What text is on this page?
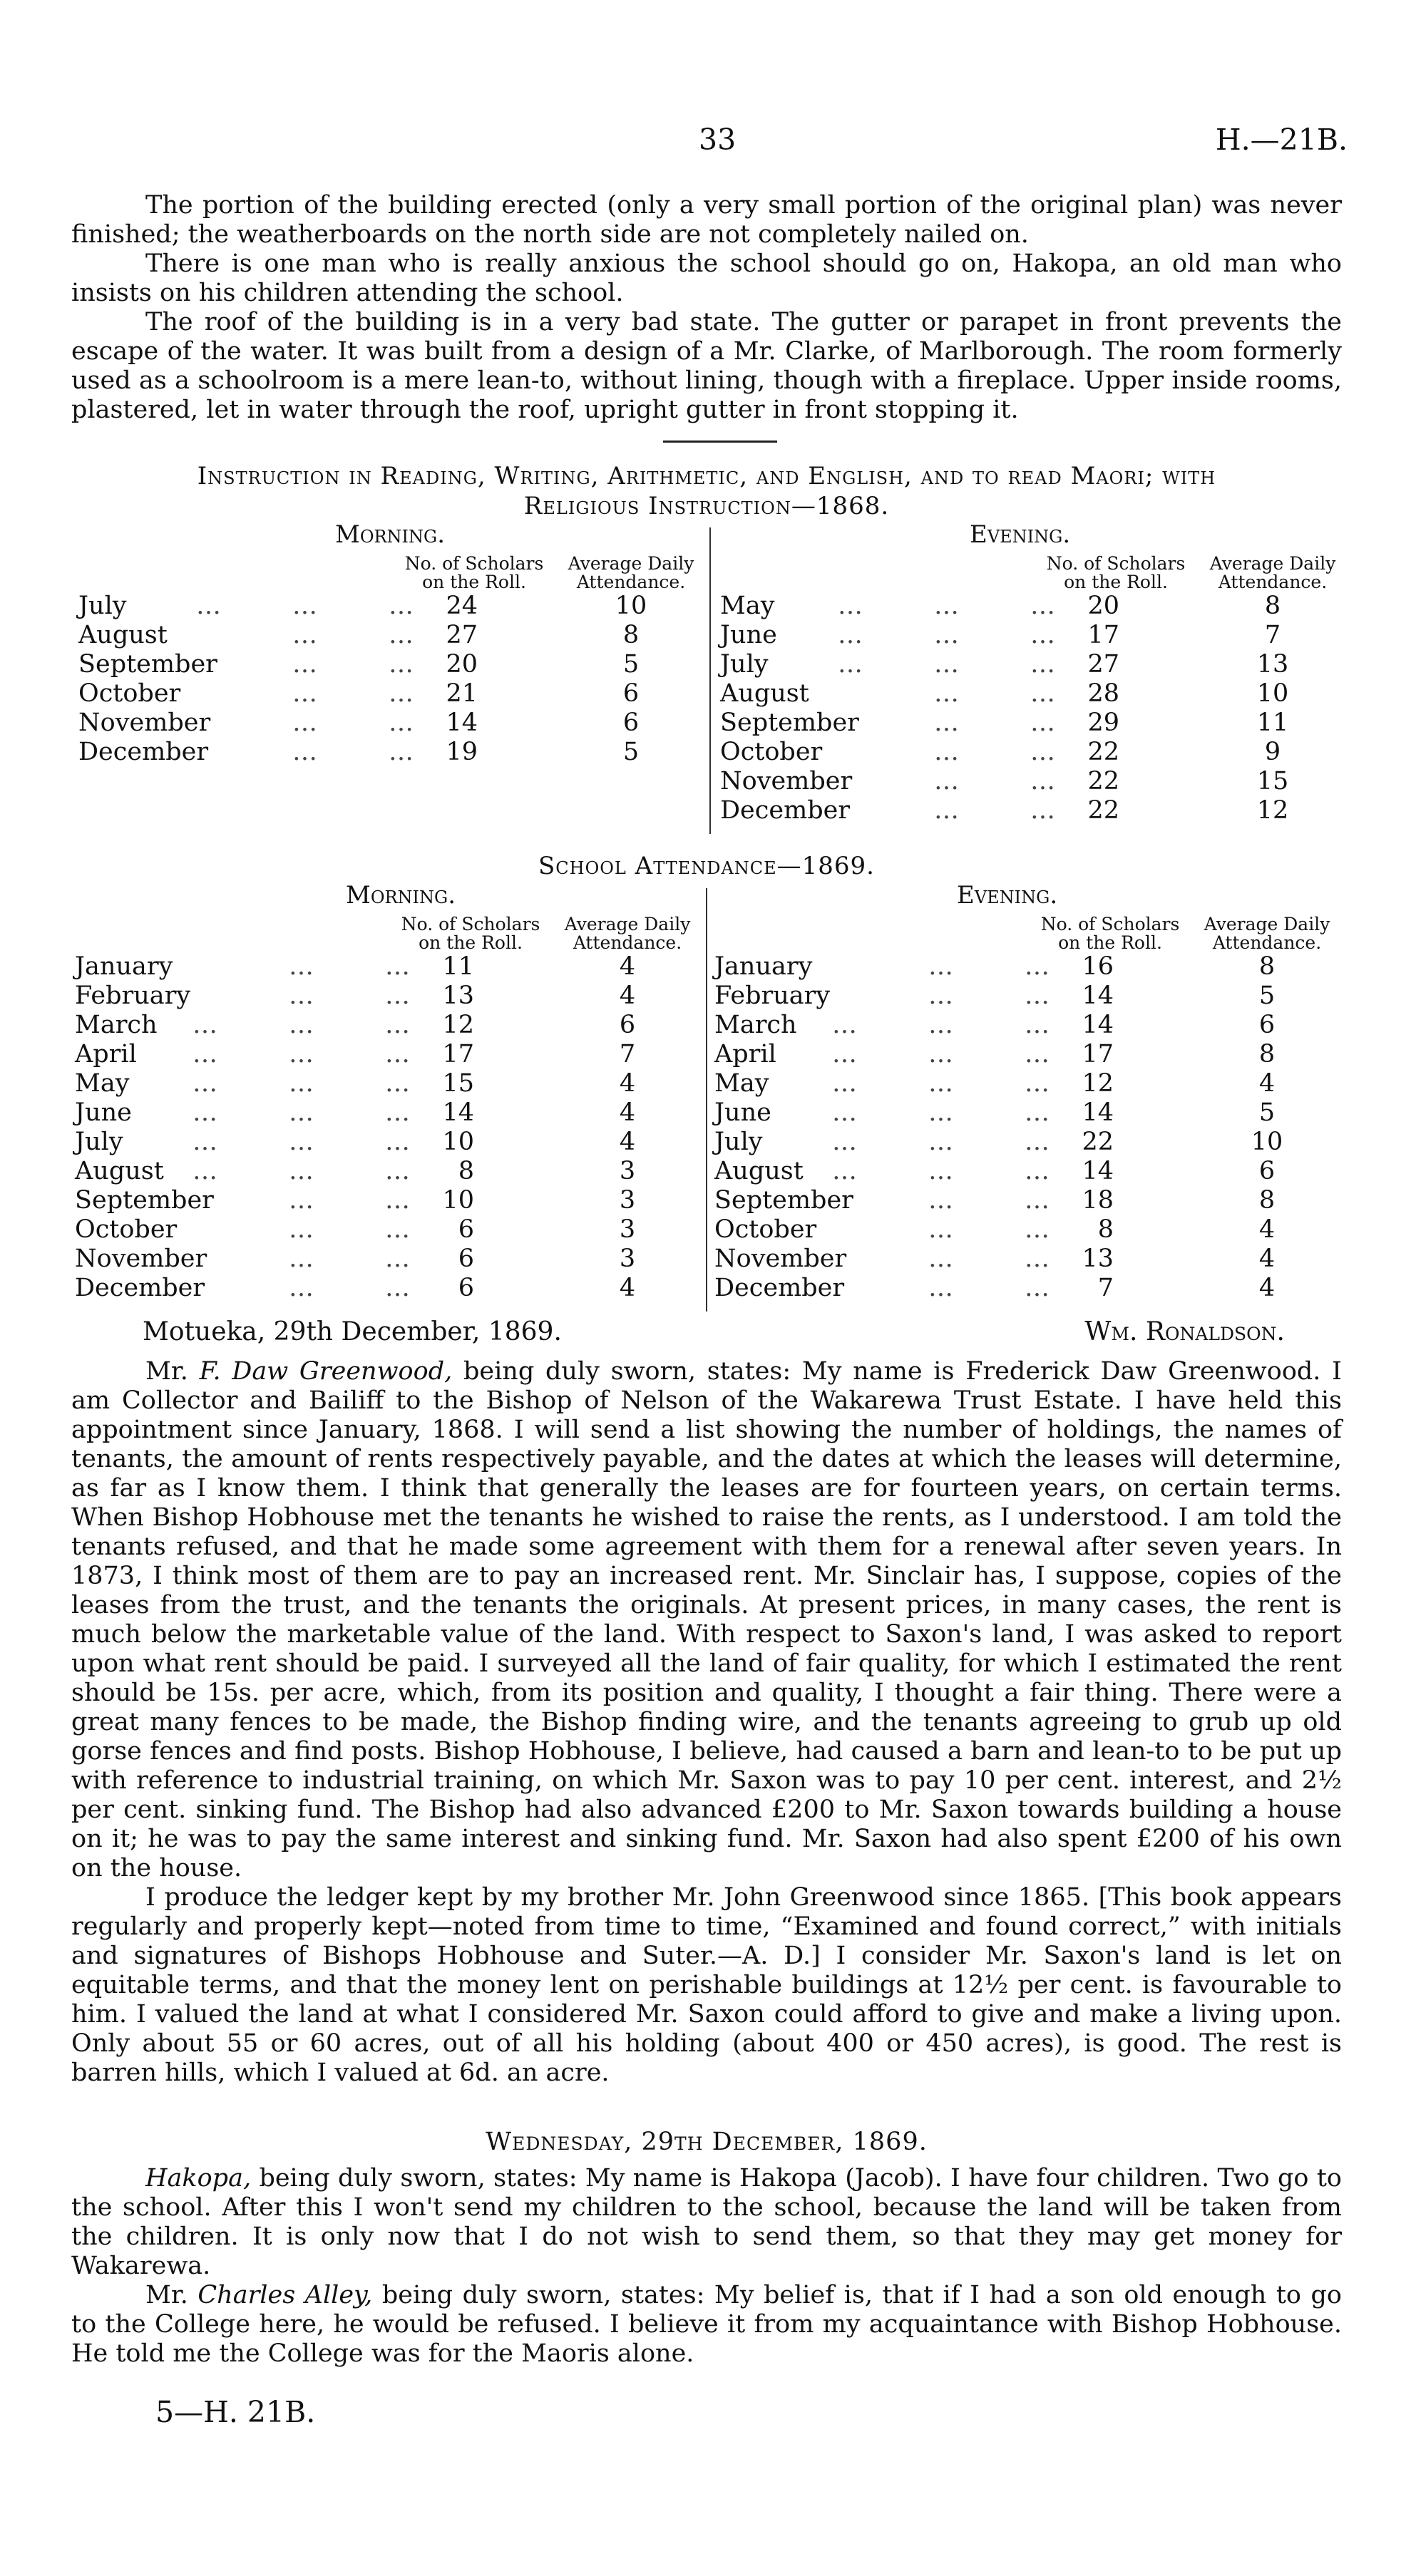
33	H.—21B.

The portion of the building erected (only a very small portion of the original plan) was never finished; the weatherboards on the north side are not completely nailed on.

There is one man who is really anxious the school should go on, Hakopa, an old man who insists on his children attending the school.

The roof of the building is in a very bad state. The gutter or parapet in front prevents the escape of the water. It was built from a design of a Mr. Clarke, of Marlborough. The room formerly used as a schoolroom is a mere lean-to, without lining, though with a fireplace. Upper inside rooms, plastered, let in water through the roof, upright gutter in front stopping it.

Instruction in Reading, Writing, Arithmetic, and English, and to read Maori; with
Religious Instruction—1868.
Morning.
No. of Scholars
on the Roll.
Average Daily
Attendance.
July	…	…	…	24	10
August	…	…	27	8
September	…	…	20	5
October	…	…	21	6
November	…	…	14	6
December	…	…	19	5
Evening.
No. of Scholars
on the Roll.
Average Daily
Attendance.
May	…	…	…	20	8
June …	…	…	17	7
July	…	…	…	27	13
August	…	…	28	10
September	…	…	29	11
October	…	…	22	9
November	…	…	22	15
December	…	…	22	12
School Attendance—1869.
Morning.
No. of Scholars
on the Roll.
Average Daily
Attendance.
January	…	…	11	4
February	…	…	13	4
March …	…	…	12	6
April …	…	…	17	7
May	…	…	…	15	4
June …	…	…	14	4
July	…	…	…	10	4
August …	…	…	8	3
September	…	…	10	3
October	…	…	6	3
November	…	…	6	3
December	…	…	6	4
Evening.
No. of Scholars
on the Roll.
Average Daily
Attendance.
January	…	…	16	8
February	…	…	14	5
March …	…	…	14	6
April …	…	…	17	8
May	…	…	…	12	4
June …	…	…	14	5
July	…	…	…	22	10
August …	…	…	14	6
September	…	…	18	8
October	…	…	8	4
November	…	…	13	4
December	…	…	7	4
Motueka, 29th December, 1869.	Wm. Ronaldson.

Mr. F. Daw Greenwood, being duly sworn, states: My name is Frederick Daw Greenwood. I am Collector and Bailiff to the Bishop of Nelson of the Wakarewa Trust Estate. I have held this appointment since January, 1868. I will send a list showing the number of holdings, the names of tenants, the amount of rents respectively payable, and the dates at which the leases will determine, as far as I know them. I think that generally the leases are for fourteen years, on certain terms. When Bishop Hobhouse met the tenants he wished to raise the rents, as I understood. I am told the tenants refused, and that he made some agreement with them for a renewal after seven years. In 1873, I think most of them are to pay an increased rent. Mr. Sinclair has, I suppose, copies of the leases from the trust, and the tenants the originals. At present prices, in many cases, the rent is much below the marketable value of the land. With respect to Saxon's land, I was asked to report upon what rent should be paid. I surveyed all the land of fair quality, for which I estimated the rent should be 15s. per acre, which, from its position and quality, I thought a fair thing. There were a great many fences to be made, the Bishop finding wire, and the tenants agreeing to grub up old gorse fences and find posts. Bishop Hobhouse, I believe, had caused a barn and lean-to to be put up with reference to industrial training, on which Mr. Saxon was to pay 10 per cent. interest, and 2½ per cent. sinking fund. The Bishop had also advanced £200 to Mr. Saxon towards building a house on it; he was to pay the same interest and sinking fund. Mr. Saxon had also spent £200 of his own on the house.

I produce the ledger kept by my brother Mr. John Greenwood since 1865. [This book appears regularly and properly kept—noted from time to time, “Examined and found correct,” with initials and signatures of Bishops Hobhouse and Suter.—A. D.] I consider Mr. Saxon's land is let on equitable terms, and that the money lent on perishable buildings at 12½ per cent. is favourable to him. I valued the land at what I considered Mr. Saxon could afford to give and make a living upon. Only about 55 or 60 acres, out of all his holding (about 400 or 450 acres), is good. The rest is barren hills, which I valued at 6d. an acre.

Wednesday, 29th December, 1869.

Hakopa, being duly sworn, states: My name is Hakopa (Jacob). I have four children. Two go to the school. After this I won't send my children to the school, because the land will be taken from the children. It is only now that I do not wish to send them, so that they may get money for Wakarewa.

Mr. Charles Alley, being duly sworn, states: My belief is, that if I had a son old enough to go to the College here, he would be refused. I believe it from my acquaintance with Bishop Hobhouse. He told me the College was for the Maoris alone.

5—H. 21B.
